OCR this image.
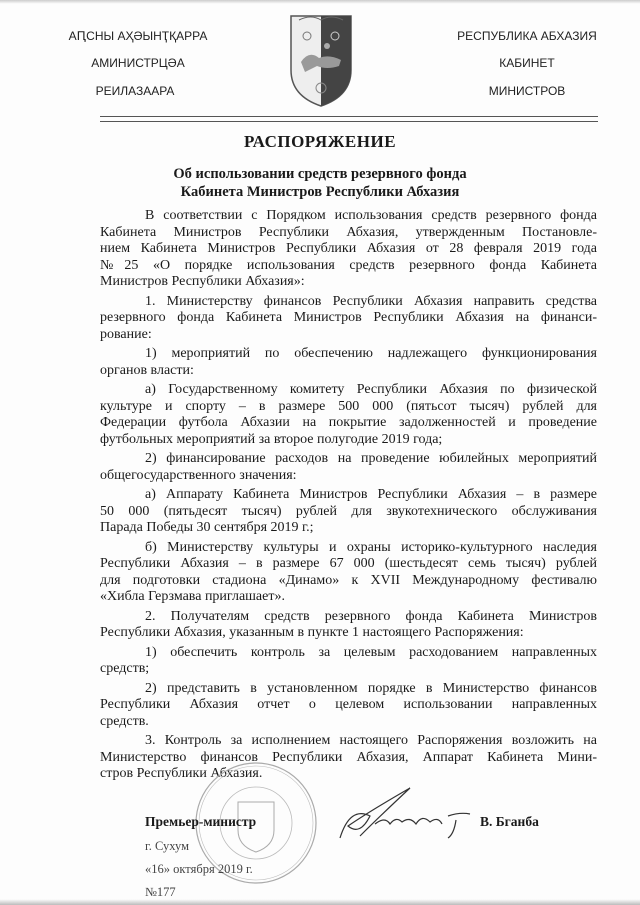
АԤСНЫ АҲӘЫНҬҚАРРА
АМИНИСТРЦӘА
РЕИЛАЗААРА
РЕСПУБЛИКА АБХАЗИЯ
КАБИНЕТ
МИНИСТРОВ
РАСПОРЯЖЕНИЕ
Об использовании средств резервного фонда
Кабинета Министров Республики Абхазия
В соответствии с Порядком использования средств резервного фонда
Кабинета Министров Республики Абхазия, утвержденным Постановле-
нием Кабинета Министров Республики Абхазия от 28 февраля 2019 года
№25 «О порядке использования средств резервного фонда Кабинета
Министров Республики Абхазия»:
1. Министерству финансов Республики Абхазия направить средства
резервного фонда Кабинета Министров Республики Абхазия на финанси-
рование:
1) мероприятий по обеспечению надлежащего функционирования
органов власти:
а) Государственному комитету Республики Абхазия по физической
культуре и спорту – в размере 500 000 (пятьсот тысяч) рублей для
Федерации футбола Абхазии на покрытие задолженностей и проведение
футбольных мероприятий за второе полугодие 2019 года;
2) финансирование расходов на проведение юбилейных мероприятий
общегосударственного значения:
а) Аппарату Кабинета Министров Республики Абхазия – в размере
50 000 (пятьдесят тысяч) рублей для звукотехнического обслуживания
Парада Победы 30 сентября 2019 г.;
б) Министерству культуры и охраны историко-культурного наследия
Республики Абхазия – в размере 67 000 (шестьдесят семь тысяч) рублей
для подготовки стадиона «Динамо» к XVII Международному фестивалю
«Хибла Герзмава приглашает».
2. Получателям средств резервного фонда Кабинета Министров
Республики Абхазия, указанным в пункте 1 настоящего Распоряжения:
1) обеспечить контроль за целевым расходованием направленных
средств;
2) представить в установленном порядке в Министерство финансов
Республики Абхазия отчет о целевом использовании направленных
средств.
3. Контроль за исполнением настоящего Распоряжения возложить на
Министерство финансов Республики Абхазия, Аппарат Кабинета Мини-
стров Республики Абхазия.
Премьер-министр	В. Бганба
г. Сухум
«16» октября 2019 г.
№177
